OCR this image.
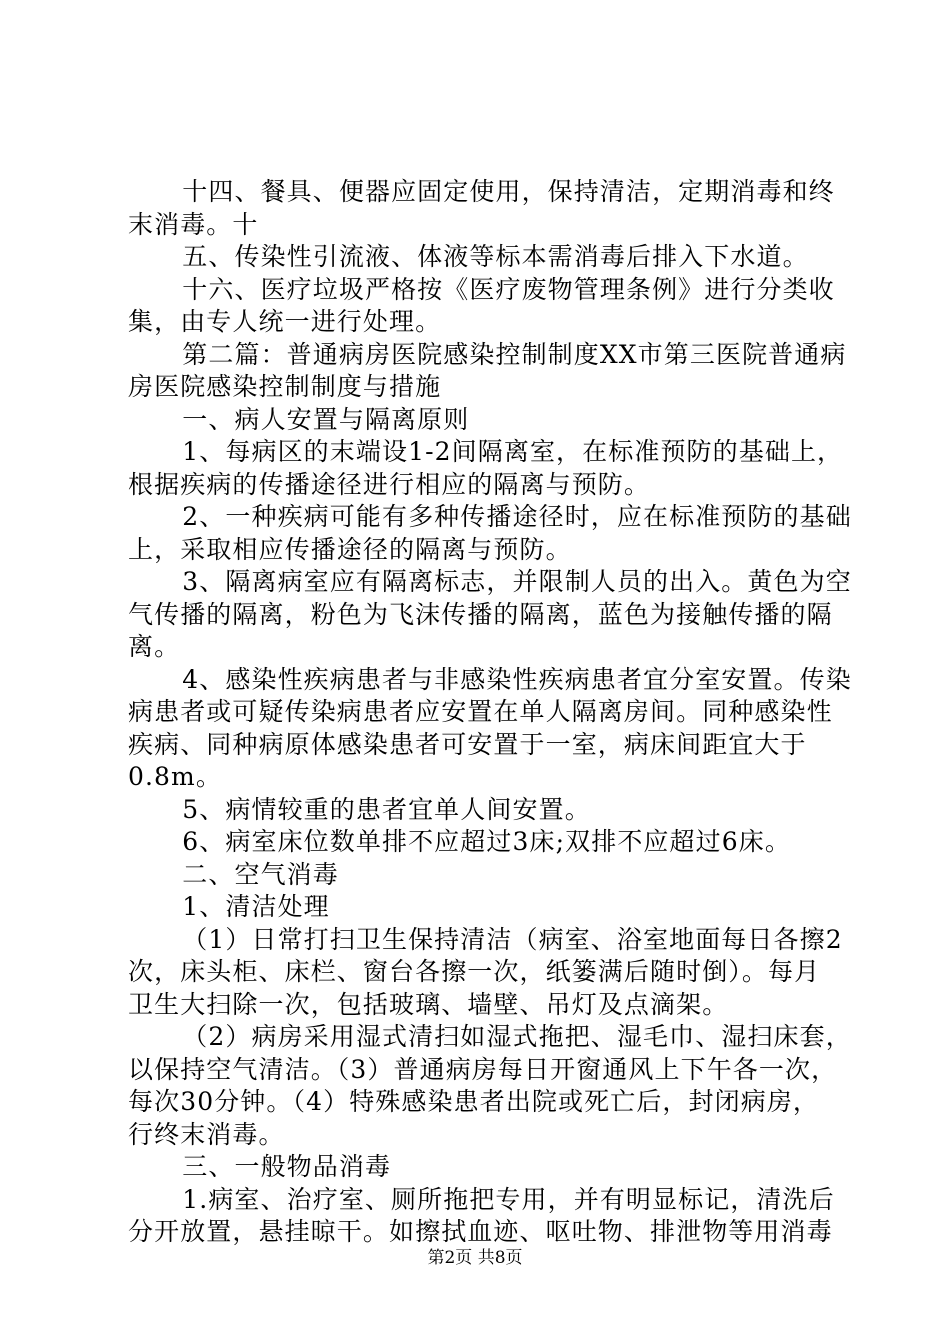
十四、餐具、便器应固定使用，保持清洁，定期消毒和终
末消毒。十
五、传染性引流液、体液等标本需消毒后排入下水道。
十六、医疗垃圾严格按《医疗废物管理条例》进行分类收
集，由专人统一进行处理。
第二篇：普通病房医院感染控制制度XX市第三医院普通病
房医院感染控制制度与措施
一、病人安置与隔离原则
1、每病区的末端设1-2间隔离室，在标准预防的基础上，
根据疾病的传播途径进行相应的隔离与预防。
2、一种疾病可能有多种传播途径时，应在标准预防的基础
上，采取相应传播途径的隔离与预防。
3、隔离病室应有隔离标志，并限制人员的出入。黄色为空
气传播的隔离，粉色为飞沫传播的隔离，蓝色为接触传播的隔
离。
4、感染性疾病患者与非感染性疾病患者宜分室安置。传染
病患者或可疑传染病患者应安置在单人隔离房间。同种感染性
疾病、同种病原体感染患者可安置于一室，病床间距宜大于
0.8m。
5、病情较重的患者宜单人间安置。
6、病室床位数单排不应超过3床;双排不应超过6床。
二、空气消毒
1、清洁处理
（1）日常打扫卫生保持清洁（病室、浴室地面每日各擦2
次，床头柜、床栏、窗台各擦一次，纸篓满后随时倒）。每月
卫生大扫除一次，包括玻璃、墙壁、吊灯及点滴架。
（2）病房采用湿式清扫如湿式拖把、湿毛巾、湿扫床套，
以保持空气清洁。（3）普通病房每日开窗通风上下午各一次，
每次30分钟。（4）特殊感染患者出院或死亡后，封闭病房，
行终末消毒。
三、一般物品消毒
1.病室、治疗室、厕所拖把专用，并有明显标记，清洗后
分开放置，悬挂晾干。如擦拭血迹、呕吐物、排泄物等用消毒
第2页 共8页
